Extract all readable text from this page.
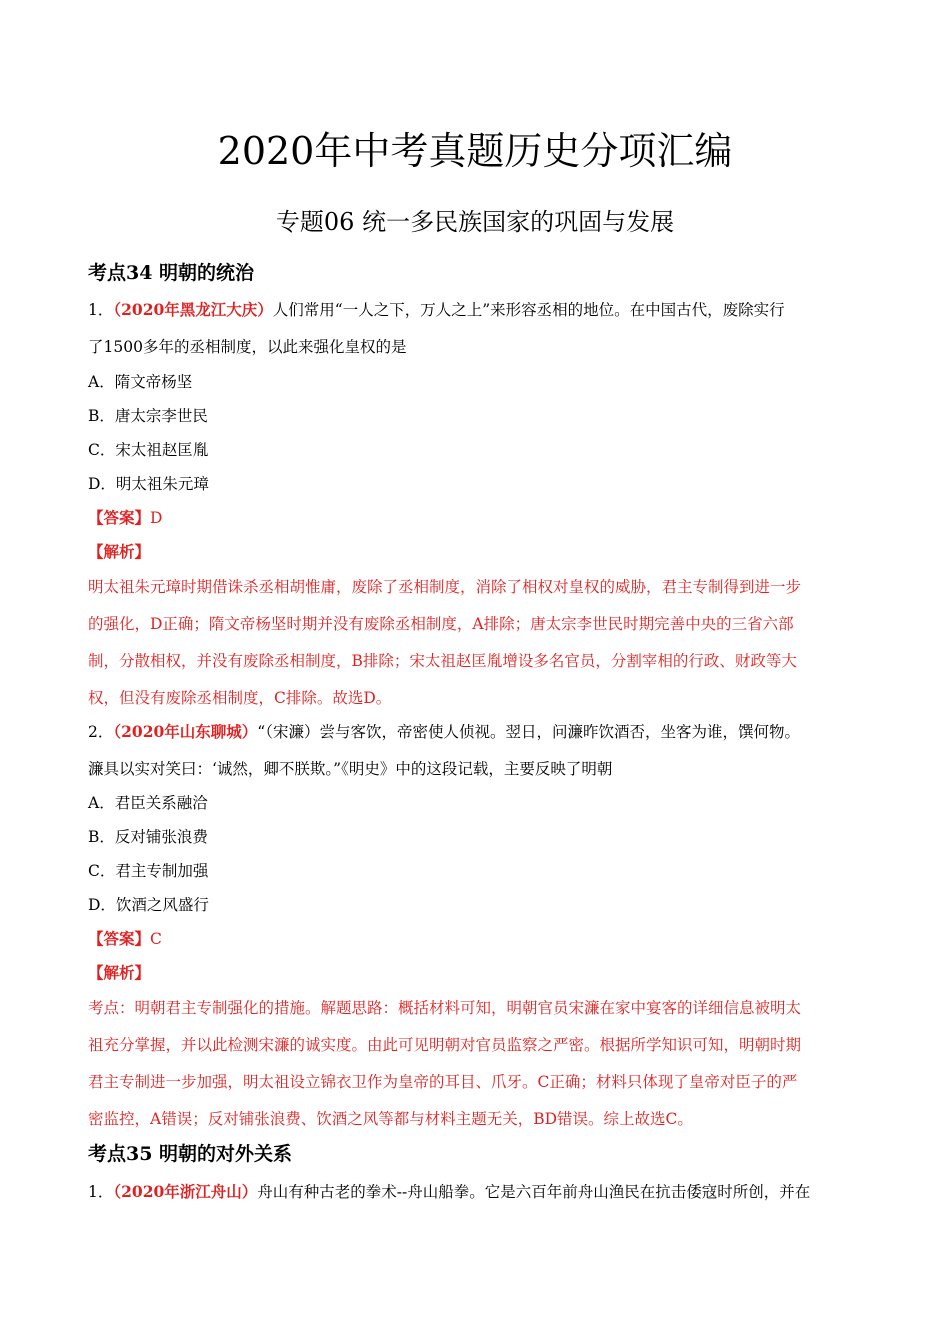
2020年中考真题历史分项汇编
专题06 统一多民族国家的巩固与发展
考点34 明朝的统治
1．（2020年黑龙江大庆）人们常用“一人之下，万人之上”来形容丞相的地位。在中国古代，废除实行
了1500多年的丞相制度，以此来强化皇权的是
A．隋文帝杨坚
B．唐太宗李世民
C．宋太祖赵匡胤
D．明太祖朱元璋
【答案】D
【解析】
明太祖朱元璋时期借诛杀丞相胡惟庸，废除了丞相制度，消除了相权对皇权的威胁，君主专制得到进一步
的强化，D正确；隋文帝杨坚时期并没有废除丞相制度，A排除；唐太宗李世民时期完善中央的三省六部
制，分散相权，并没有废除丞相制度，B排除；宋太祖赵匡胤增设多名官员，分割宰相的行政、财政等大
权，但没有废除丞相制度，C排除。故选D。
2．（2020年山东聊城）“（宋濂）尝与客饮，帝密使人侦视。翌日，问濂昨饮酒否，坐客为谁，馔何物。
濂具以实对笑曰：‘诚然，卿不朕欺。”《明史》中的这段记载，主要反映了明朝
A．君臣关系融洽
B．反对铺张浪费
C．君主专制加强
D．饮酒之风盛行
【答案】C
【解析】
考点：明朝君主专制强化的措施。解题思路：概括材料可知，明朝官员宋濂在家中宴客的详细信息被明太
祖充分掌握，并以此检测宋濂的诚实度。由此可见明朝对官员监察之严密。根据所学知识可知，明朝时期
君主专制进一步加强，明太祖设立锦衣卫作为皇帝的耳目、爪牙。C正确；材料只体现了皇帝对臣子的严
密监控，A错误；反对铺张浪费、饮酒之风等都与材料主题无关，BD错误。综上故选C。
考点35 明朝的对外关系
1．（2020年浙江舟山）舟山有种古老的拳术--舟山船拳。它是六百年前舟山渔民在抗击倭寇时所创，并在
